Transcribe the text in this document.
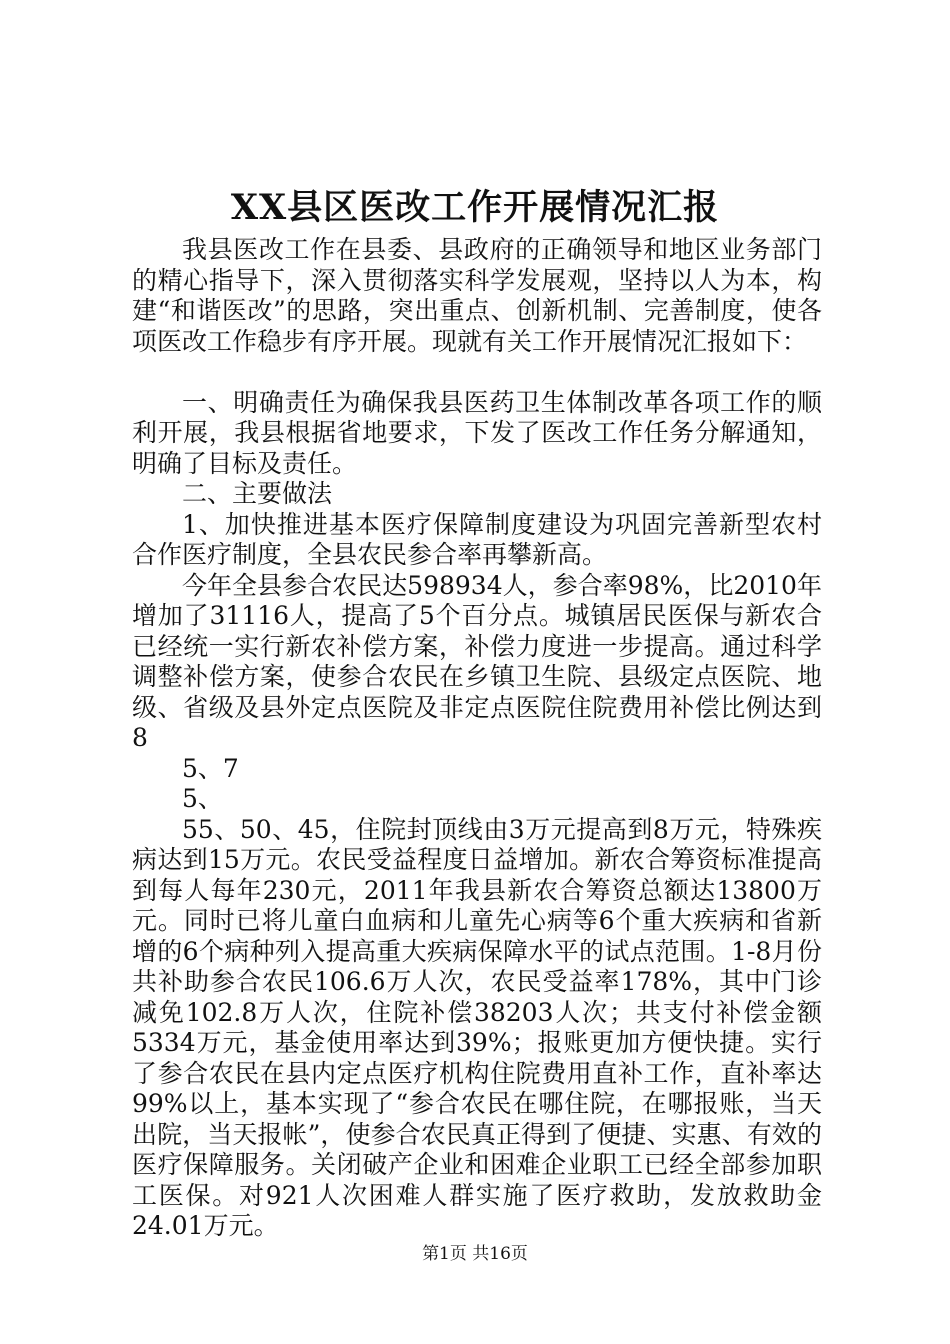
XX县区医改工作开展情况汇报

我县医改工作在县委、县政府的正确领导和地区业务部门的精心指导下，深入贯彻落实科学发展观，坚持以人为本，构建“和谐医改”的思路，突出重点、创新机制、完善制度，使各项医改工作稳步有序开展。现就有关工作开展情况汇报如下：

一、明确责任为确保我县医药卫生体制改革各项工作的顺利开展，我县根据省地要求，下发了医改工作任务分解通知，明确了目标及责任。

二、主要做法

1、加快推进基本医疗保障制度建设为巩固完善新型农村合作医疗制度，全县农民参合率再攀新高。

今年全县参合农民达598934人，参合率98%，比2010年增加了31116人，提高了5个百分点。城镇居民医保与新农合已经统一实行新农补偿方案，补偿力度进一步提高。通过科学调整补偿方案，使参合农民在乡镇卫生院、县级定点医院、地级、省级及县外定点医院及非定点医院住院费用补偿比例达到8

5、7

5、

55、50、45，住院封顶线由3万元提高到8万元，特殊疾病达到15万元。农民受益程度日益增加。新农合筹资标准提高到每人每年230元，2011年我县新农合筹资总额达13800万元。同时已将儿童白血病和儿童先心病等6个重大疾病和省新增的6个病种列入提高重大疾病保障水平的试点范围。1-8月份共补助参合农民106.6万人次，农民受益率178%，其中门诊减免102.8万人次，住院补偿38203人次；共支付补偿金额5334万元，基金使用率达到39%；报账更加方便快捷。实行了参合农民在县内定点医疗机构住院费用直补工作，直补率达99%以上，基本实现了“参合农民在哪住院，在哪报账，当天出院，当天报帐”，使参合农民真正得到了便捷、实惠、有效的医疗保障服务。关闭破产企业和困难企业职工已经全部参加职工医保。对921人次困难人群实施了医疗救助，发放救助金24.01万元。

第1页 共16页
